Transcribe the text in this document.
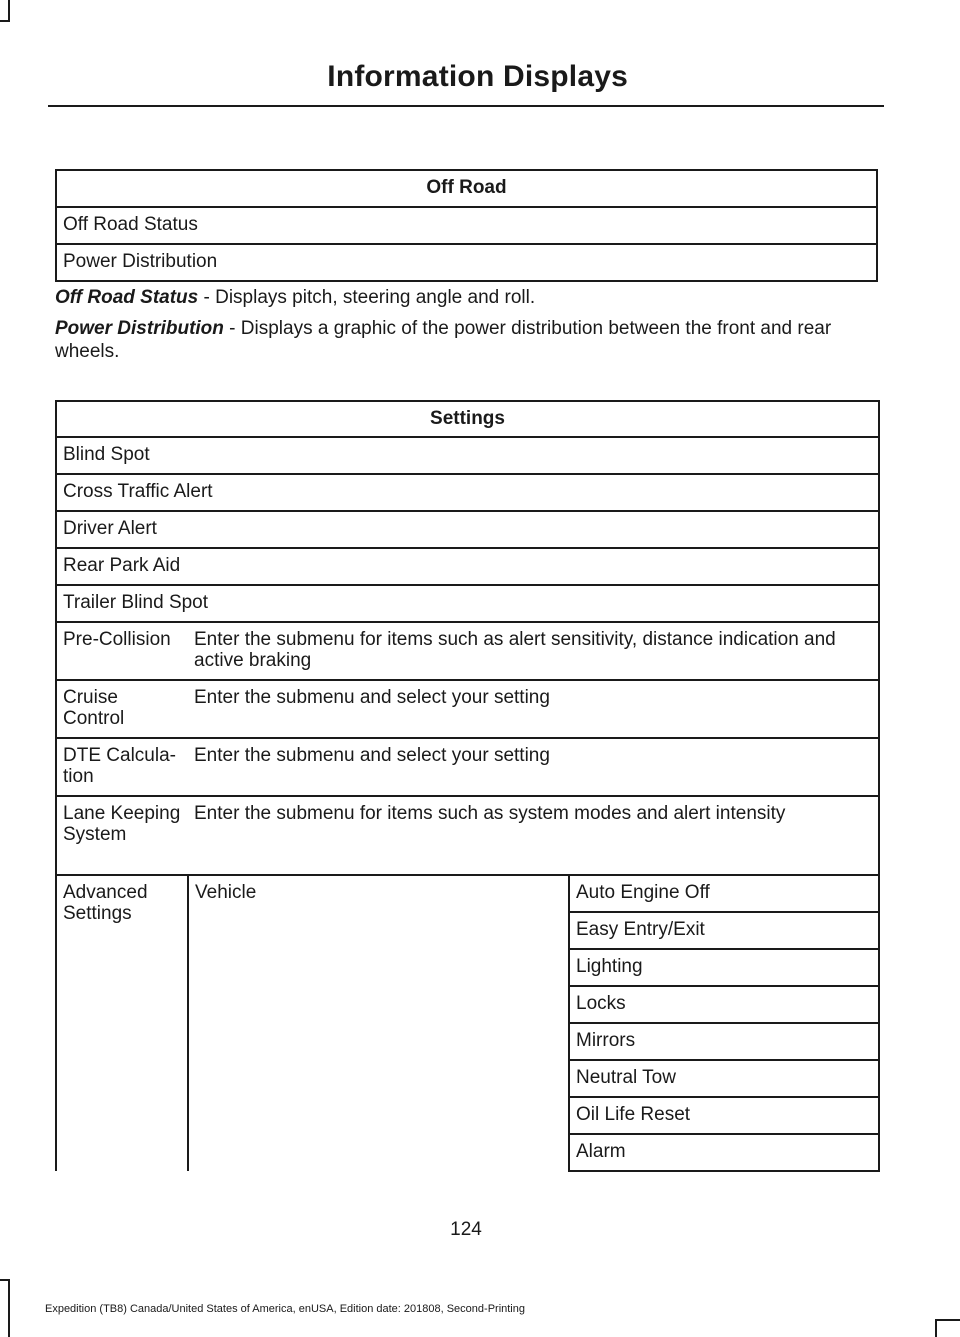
Information Displays
Off Road
Off Road Status
Power Distribution

Off Road Status - Displays pitch, steering angle and roll.

Power Distribution - Displays a graphic of the power distribution between the front and rear wheels.

Settings		
Blind Spot		
Cross Traffic Alert		
Driver Alert		
Rear Park Aid		
Trailer Blind Spot		
Pre-Collision	Enter the submenu for items such as alert sensitivity, distance indication and active braking	
Cruise Control	Enter the submenu and select your setting	
DTE Calcula-tion	Enter the submenu and select your setting	
Lane Keeping System	Enter the submenu for items such as system modes and alert intensity	
Advanced Settings	Vehicle	Auto Engine Off
		Easy Entry/Exit
		Lighting
		Locks
		Mirrors
		Neutral Tow
		Oil Life Reset
		Alarm

124

Expedition (TB8) Canada/United States of America, enUSA, Edition date: 201808, Second-Printing
